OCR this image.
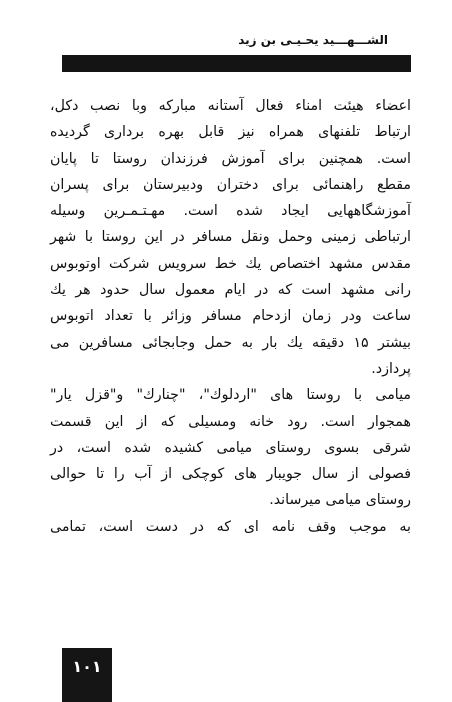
الشـــهـــيد يحـيـى بن زيد
اعضاء هیئت امناء فعال آستانه مبارکه وبا نصب دکل،
ارتباط تلفنهای همراه نیز قابل بهره برداری گردیده
است. همچنین برای آموزش فرزندان روستا تا پایان
مقطع راهنمائی برای دختران ودبیرستان برای پسران
آموزشگاههایی ایجاد شده است. مهـتـمـرین وسیله
ارتباطی زمینی وحمل ونقل مسافر در این روستا با شهر
مقدس مشهد اختصاص یك خط سرویس شرکت اوتوبوس
رانی مشهد است که در ایام معمول سال حدود هر یك
ساعت ودر زمان ازدحام مسافر وزائر با تعداد اتوبوس
بیشتر ۱۵ دقیقه یك بار به حمل وجابجائی مسافرین می
پردازد.
میامی با روستا های "اردلوك"، "چنارك" و"قزل یار"
همجوار است. رود خانه ومسیلی که از این قسمت
شرقی بسوی روستای میامی کشیده شده است، در
فصولی از سال جویبار های کوچکی از آب را تا حوالی
روستای میامی میرساند.
به موجب وقف نامه ای که در دست است، تمامی
١٠١
